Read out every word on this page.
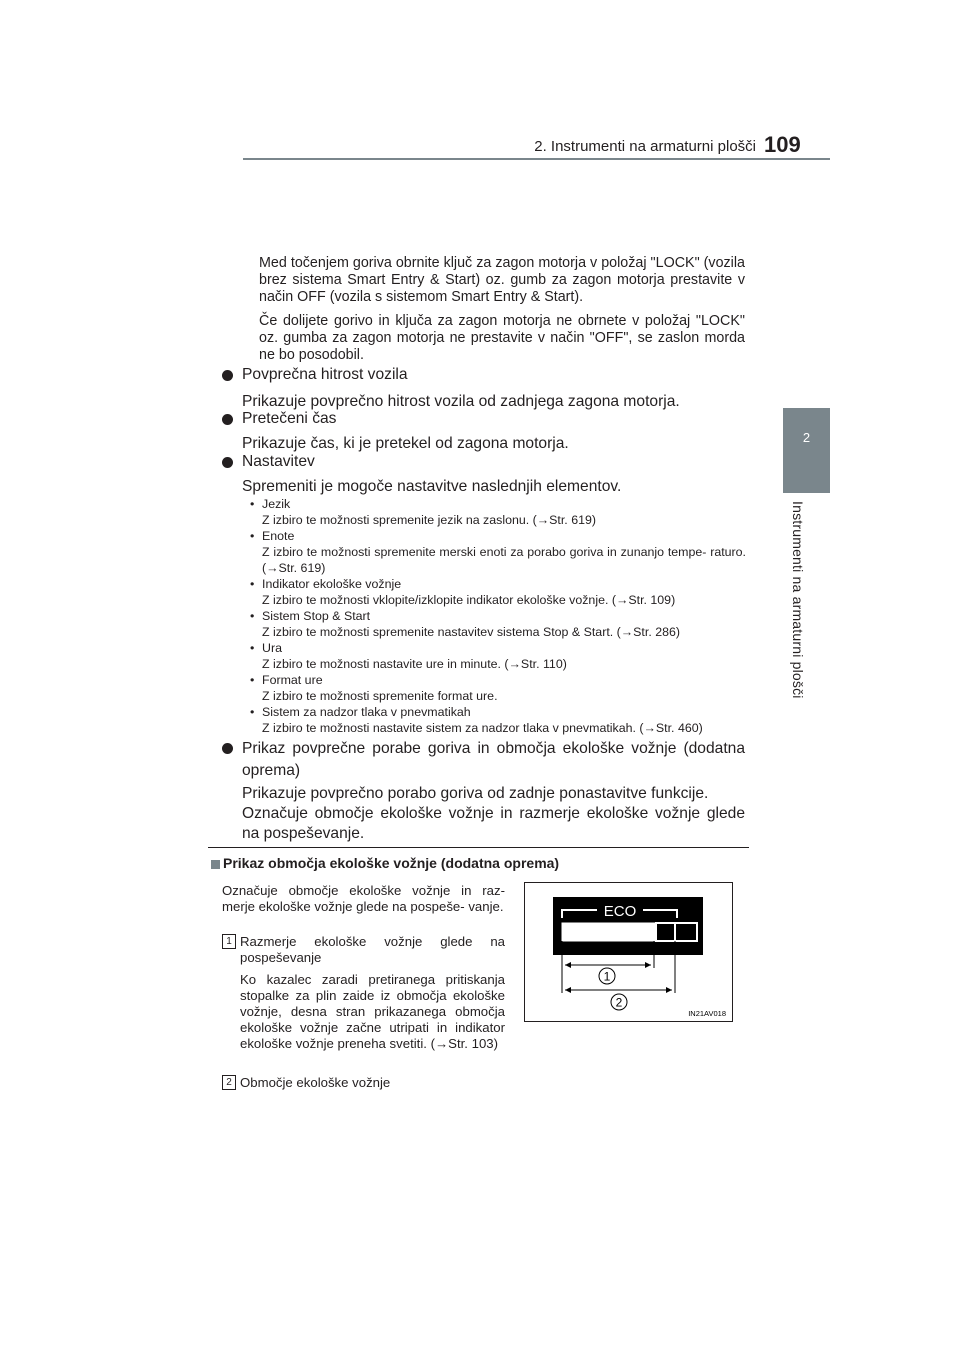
2. Instrumenti na armaturni plošči 109
2
Instrumenti na armaturni plošči
Med točenjem goriva obrnite ključ za zagon motorja v položaj "LOCK" (vozila brez sistema Smart Entry & Start) oz. gumb za zagon motorja prestavite v način OFF (vozila s sistemom Smart Entry & Start).
Če dolijete gorivo in ključa za zagon motorja ne obrnete v položaj "LOCK" oz. gumba za zagon motorja ne prestavite v način "OFF", se zaslon morda ne bo posodobil.
Povprečna hitrost vozila
Prikazuje povprečno hitrost vozila od zadnjega zagona motorja.
Pretečeni čas
Prikazuje čas, ki je pretekel od zagona motorja.
Nastavitev
Spremeniti je mogoče nastavitve naslednjih elementov.
• Jezik
Z izbiro te možnosti spremenite jezik na zaslonu. (→Str. 619)
• Enote
Z izbiro te možnosti spremenite merski enoti za porabo goriva in zunanjo tempe- raturo. (→Str. 619)
• Indikator ekološke vožnje
Z izbiro te možnosti vklopite/izklopite indikator ekološke vožnje. (→Str. 109)
• Sistem Stop & Start
Z izbiro te možnosti spremenite nastavitev sistema Stop & Start. (→Str. 286)
• Ura
Z izbiro te možnosti nastavite ure in minute. (→Str. 110)
• Format ure
Z izbiro te možnosti spremenite format ure.
• Sistem za nadzor tlaka v pnevmatikah
Z izbiro te možnosti nastavite sistem za nadzor tlaka v pnevmatikah. (→Str. 460)
Prikaz povprečne porabe goriva in območja ekološke vožnje (dodatna oprema)
Prikazuje povprečno porabo goriva od zadnje ponastavitve funkcije.
Označuje območje ekološke vožnje in razmerje ekološke vožnje glede na pospeševanje.
Prikaz območja ekološke vožnje (dodatna oprema)
Označuje območje ekološke vožnje in raz- merje ekološke vožnje glede na pospeše- vanje.
1 Razmerje ekološke vožnje glede na pospeševanje
Ko kazalec zaradi pretiranega pritiskanja stopalke za plin zaide iz območja ekološke vožnje, desna stran prikazanega območja ekološke vožnje začne utripati in indikator ekološke vožnje preneha svetiti. (→Str. 103)
2 Območje ekološke vožnje
ECO
1
2
IN21AV018
